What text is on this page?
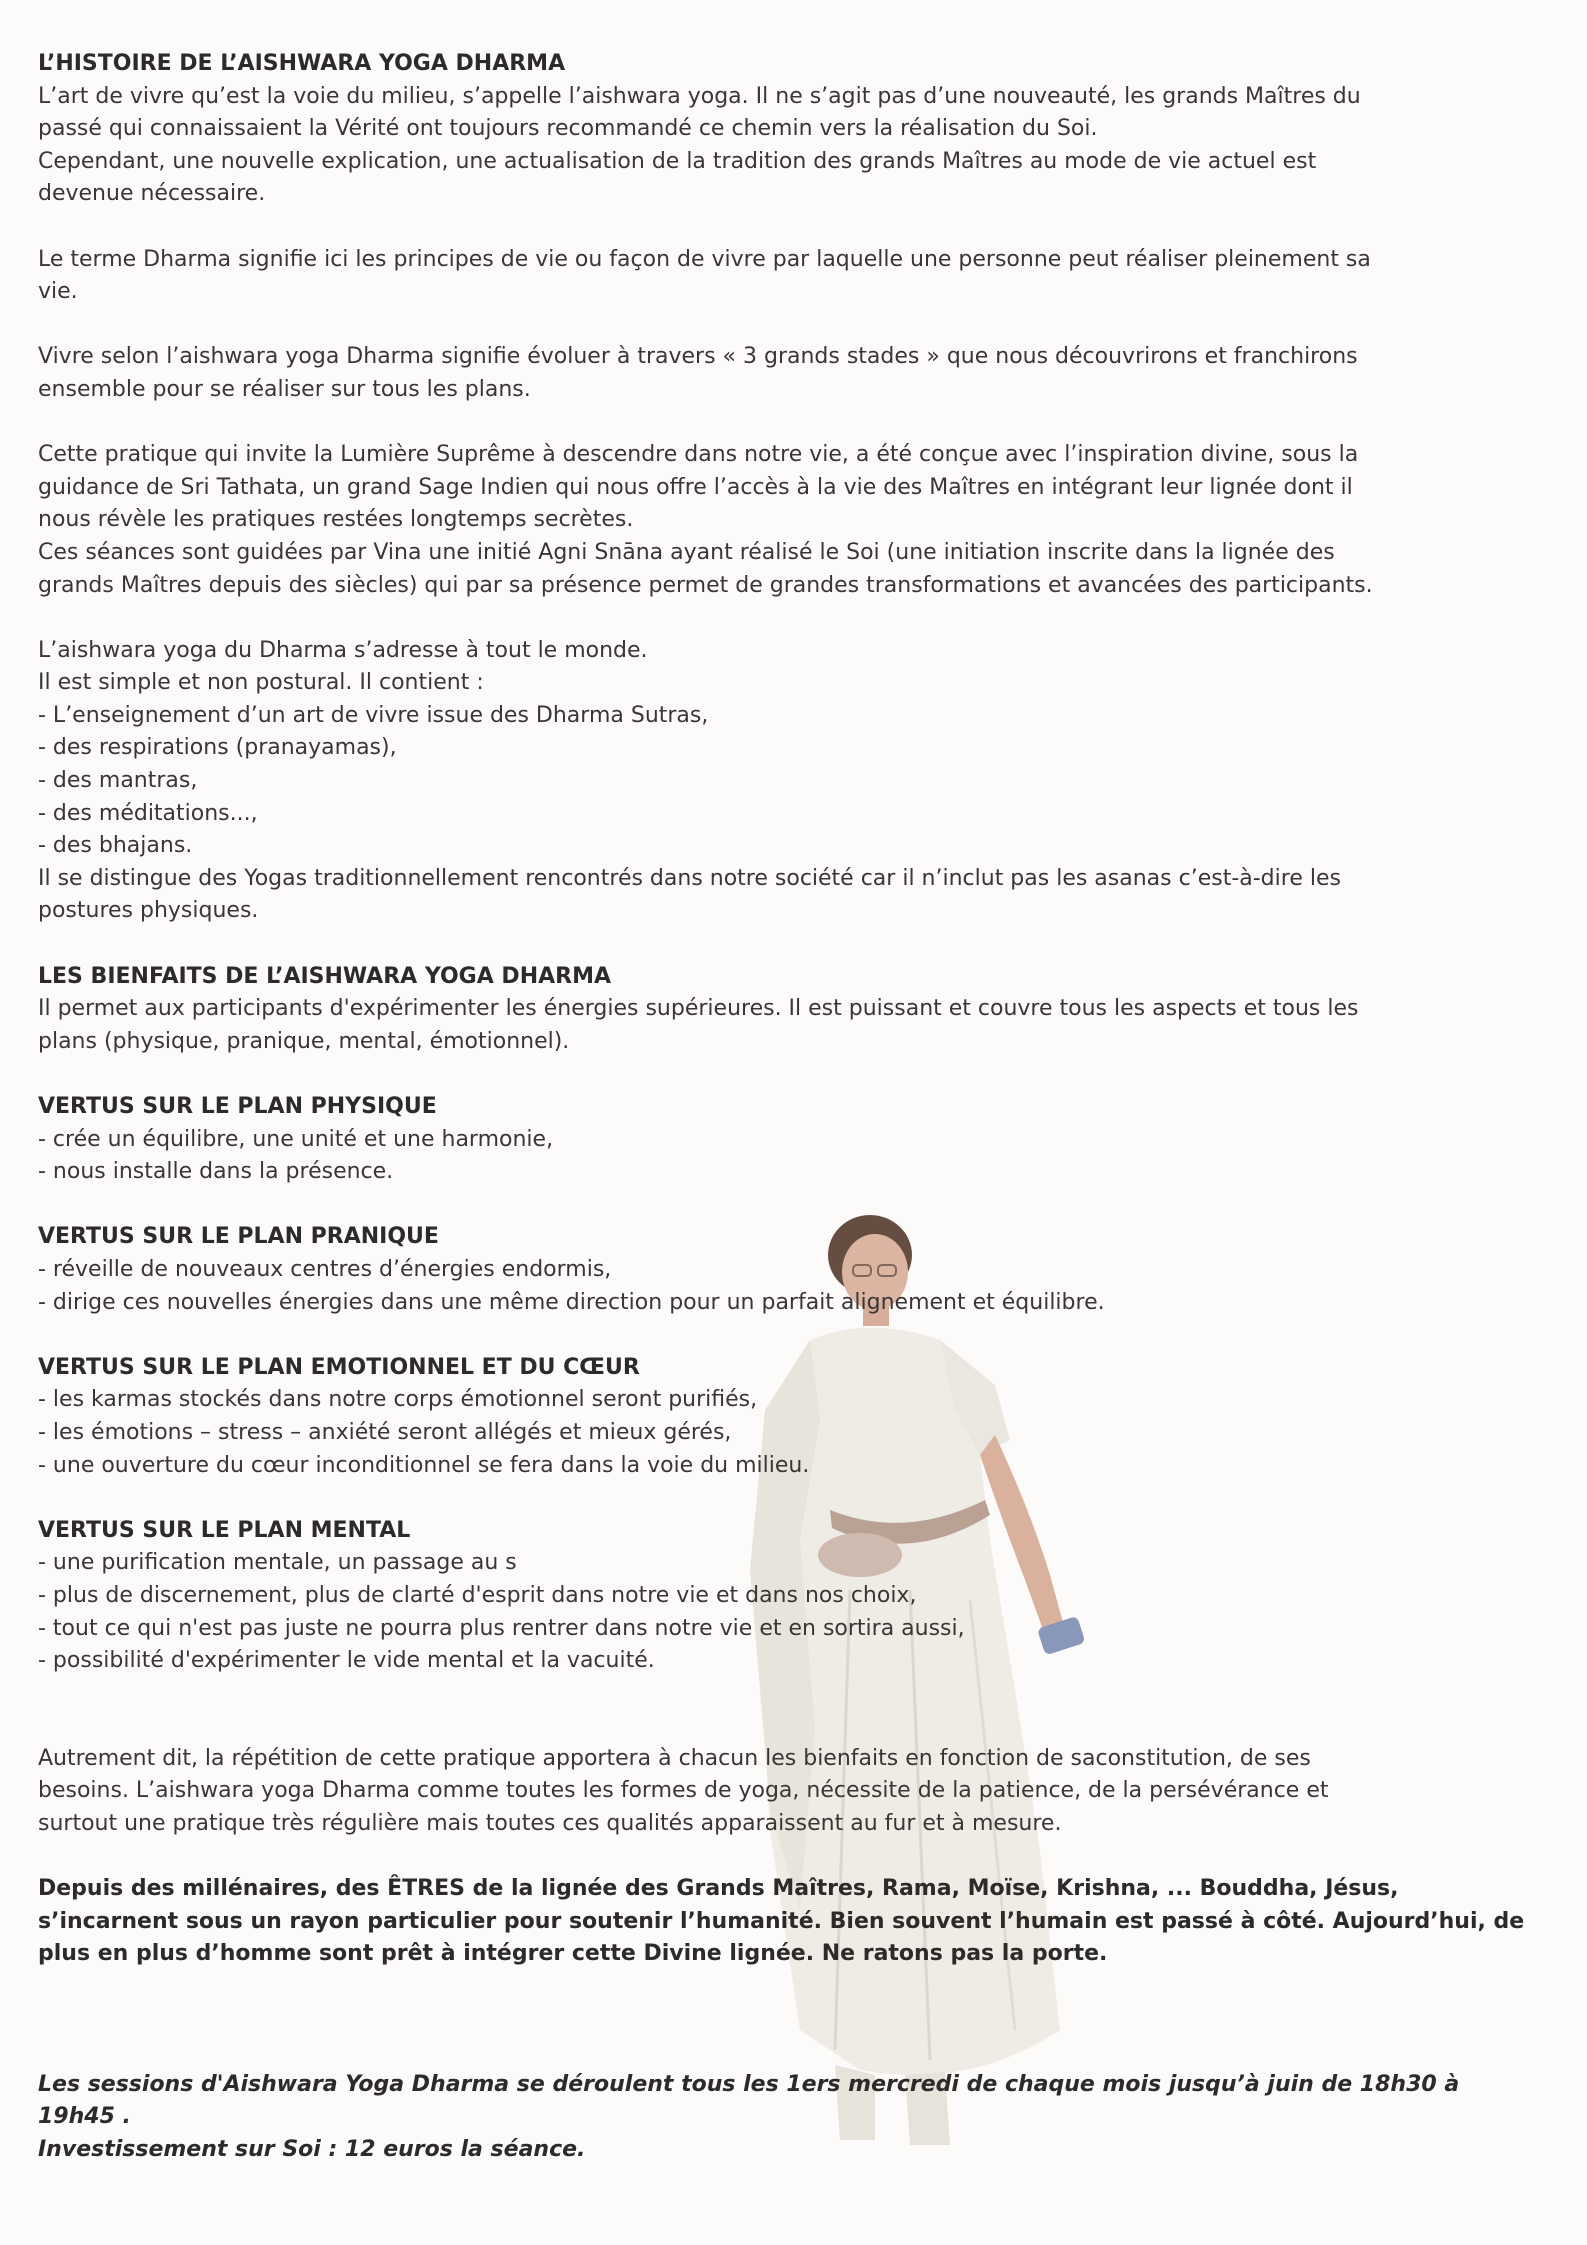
L’HISTOIRE DE L’AISHWARA YOGA DHARMA

L’art de vivre qu’est la voie du milieu, s’appelle l’aishwara yoga. Il ne s’agit pas d’une nouveauté, les grands Maîtres du

passé qui connaissaient la Vérité ont toujours recommandé ce chemin vers la réalisation du Soi.

Cependant, une nouvelle explication, une actualisation de la tradition des grands Maîtres au mode de vie actuel est

devenue nécessaire.

Le terme Dharma signifie ici les principes de vie ou façon de vivre par laquelle une personne peut réaliser pleinement sa

vie.

Vivre selon l’aishwara yoga Dharma signifie évoluer à travers « 3 grands stades » que nous découvrirons et franchirons

ensemble pour se réaliser sur tous les plans.

Cette pratique qui invite la Lumière Suprême à descendre dans notre vie, a été conçue avec l’inspiration divine, sous la

guidance de Sri Tathata, un grand Sage Indien qui nous offre l’accès à la vie des Maîtres en intégrant leur lignée dont il

nous révèle les pratiques restées longtemps secrètes.

Ces séances sont guidées par Vina une initié Agni Snāna ayant réalisé le Soi (une initiation inscrite dans la lignée des

grands Maîtres depuis des siècles) qui par sa présence permet de grandes transformations et avancées des participants.

L’aishwara yoga du Dharma s’adresse à tout le monde.

Il est simple et non postural. Il contient :

- L’enseignement d’un art de vivre issue des Dharma Sutras,

- des respirations (pranayamas),

- des mantras,

- des méditations...,

- des bhajans.

Il se distingue des Yogas traditionnellement rencontrés dans notre société car il n’inclut pas les asanas c’est-à-dire les

postures physiques.

LES BIENFAITS DE L’AISHWARA YOGA DHARMA

Il permet aux participants d'expérimenter les énergies supérieures. Il est puissant et couvre tous les aspects et tous les

plans (physique, pranique, mental, émotionnel).

VERTUS SUR LE PLAN PHYSIQUE

- crée un équilibre, une unité et une harmonie,

- nous installe dans la présence.

VERTUS SUR LE PLAN PRANIQUE

- réveille de nouveaux centres d’énergies endormis,

- dirige ces nouvelles énergies dans une même direction pour un parfait alignement et équilibre.

VERTUS SUR LE PLAN EMOTIONNEL ET DU CŒUR

- les karmas stockés dans notre corps émotionnel seront purifiés,

- les émotions – stress – anxiété seront allégés et mieux gérés,

- une ouverture du cœur inconditionnel se fera dans la voie du milieu.

VERTUS SUR LE PLAN MENTAL

- une purification mentale, un passage au s

- plus de discernement, plus de clarté d'esprit dans notre vie et dans nos choix,

- tout ce qui n'est pas juste ne pourra plus rentrer dans notre vie et en sortira aussi,

- possibilité d'expérimenter le vide mental et la vacuité.

Autrement dit, la répétition de cette pratique apportera à chacun les bienfaits en fonction de saconstitution, de ses

besoins. L’aishwara yoga Dharma comme toutes les formes de yoga, nécessite de la patience, de la persévérance et

surtout une pratique très régulière mais toutes ces qualités apparaissent au fur et à mesure.

Depuis des millénaires, des ÊTRES de la lignée des Grands Maîtres, Rama, Moïse, Krishna, ... Bouddha, Jésus,

s’incarnent sous un rayon particulier pour soutenir l’humanité. Bien souvent l’humain est passé à côté. Aujourd’hui, de

plus en plus d’homme sont prêt à intégrer cette Divine lignée. Ne ratons pas la porte.

Les sessions d'Aishwara Yoga Dharma se déroulent tous les 1ers mercredi de chaque mois jusqu’à juin de 18h30 à

19h45 .

Investissement sur Soi : 12 euros la séance.
